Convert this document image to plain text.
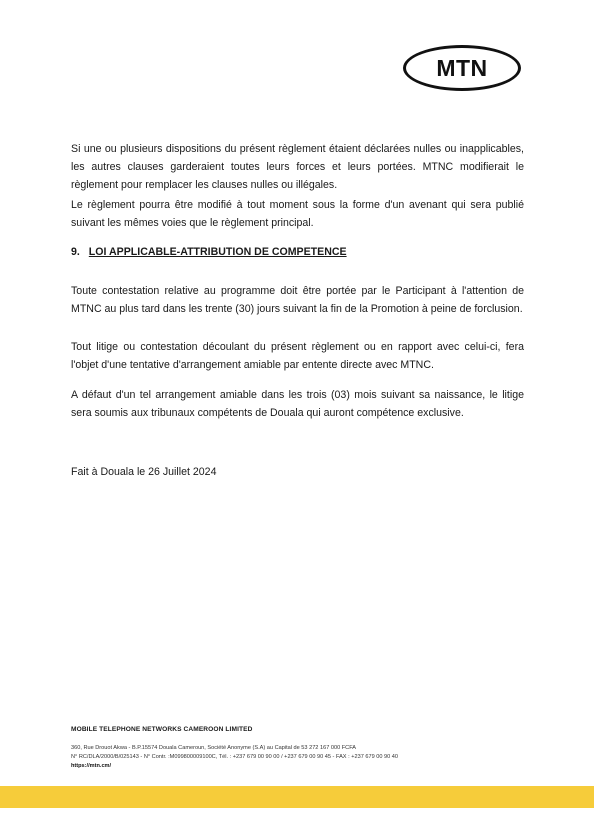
MTN

Si une ou plusieurs dispositions du présent règlement étaient déclarées nulles ou inapplicables, les autres clauses garderaient toutes leurs forces et leurs portées. MTNC modifierait le règlement pour remplacer les clauses nulles ou illégales.

Le règlement pourra être modifié à tout moment sous la forme d'un avenant qui sera publié suivant les mêmes voies que le règlement principal.

9. LOI APPLICABLE-ATTRIBUTION DE COMPETENCE

Toute contestation relative au programme doit être portée par le Participant à l'attention de MTNC au plus tard dans les trente (30) jours suivant la fin de la Promotion à peine de forclusion.

Tout litige ou contestation découlant du présent règlement ou en rapport avec celui-ci, fera l'objet d'une tentative d'arrangement amiable par entente directe avec MTNC.

A défaut d'un tel arrangement amiable dans les trois (03) mois suivant sa naissance, le litige sera soumis aux tribunaux compétents de Douala qui auront compétence exclusive.

Fait à Douala le 26 Juillet 2024

MOBILE TELEPHONE NETWORKS CAMEROON LIMITED

360, Rue Drouot Akwa - B.P.15574 Douala Cameroun, Société Anonyme (S.A) au Capital de 53 272 167 000 FCFA

N° RC/DLA/2000/B/025143 - N° Contr. :M099800009100C, Tél. : +237 679 00 90 00 / +237 679 00 90 45 - FAX : +237 679 00 90 40

https://mtn.cm/
